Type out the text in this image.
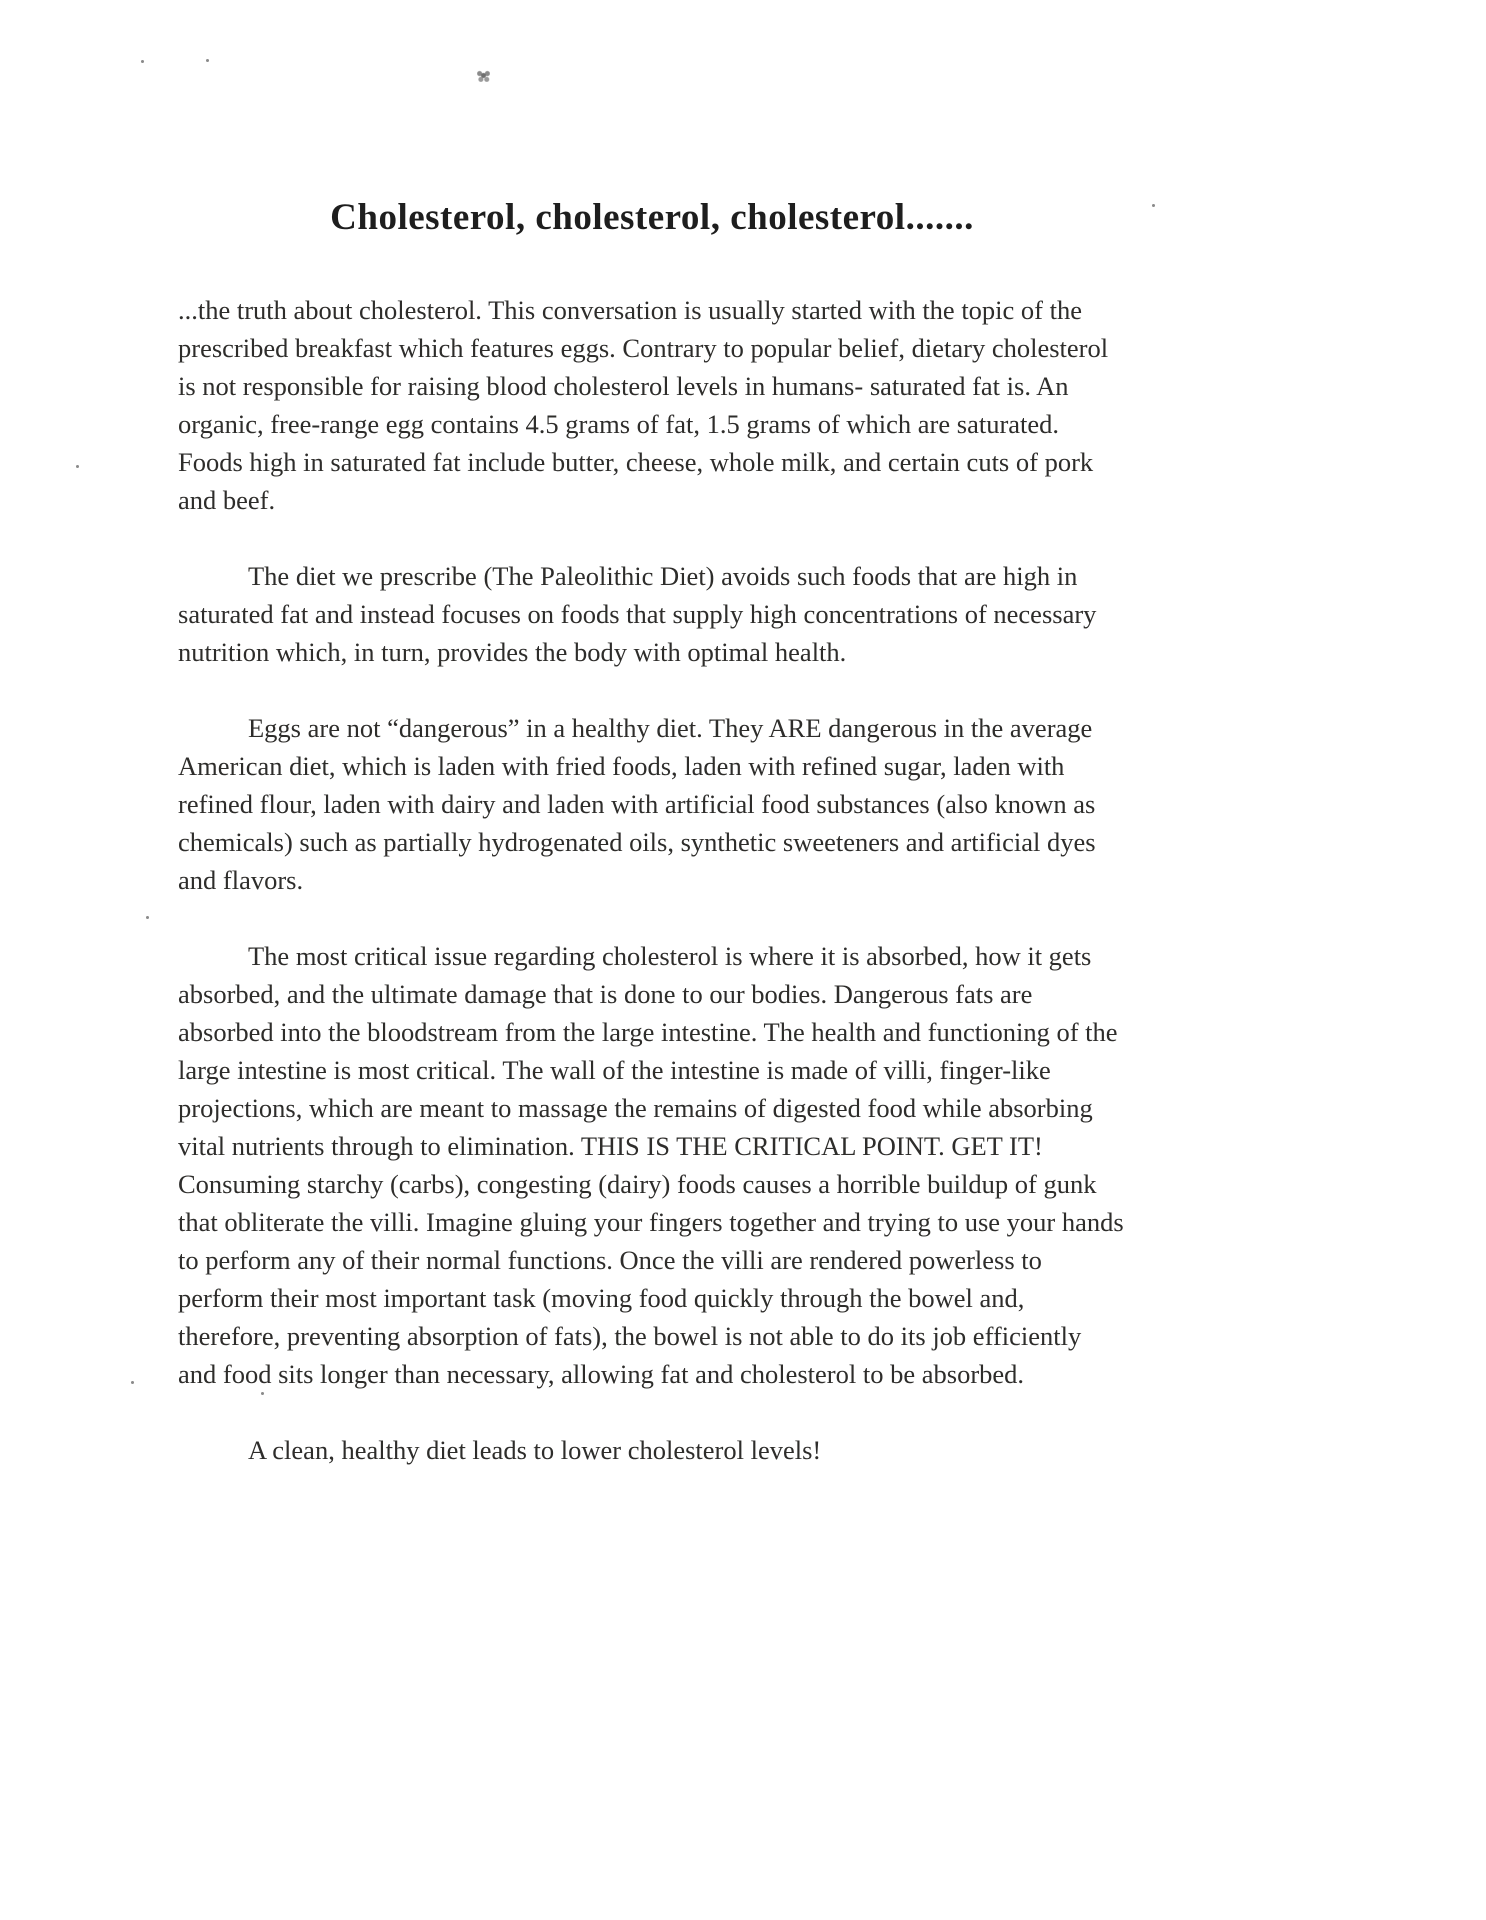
Cholesterol, cholesterol, cholesterol.......

...the truth about cholesterol. This conversation is usually started with the topic of the prescribed breakfast which features eggs. Contrary to popular belief, dietary cholesterol is not responsible for raising blood cholesterol levels in humans- saturated fat is. An organic, free-range egg contains 4.5 grams of fat, 1.5 grams of which are saturated. Foods high in saturated fat include butter, cheese, whole milk, and certain cuts of pork and beef.

The diet we prescribe (The Paleolithic Diet) avoids such foods that are high in saturated fat and instead focuses on foods that supply high concentrations of necessary nutrition which, in turn, provides the body with optimal health.

Eggs are not “dangerous” in a healthy diet. They ARE dangerous in the average American diet, which is laden with fried foods, laden with refined sugar, laden with refined flour, laden with dairy and laden with artificial food substances (also known as chemicals) such as partially hydrogenated oils, synthetic sweeteners and artificial dyes and flavors.

The most critical issue regarding cholesterol is where it is absorbed, how it gets absorbed, and the ultimate damage that is done to our bodies. Dangerous fats are absorbed into the bloodstream from the large intestine. The health and functioning of the large intestine is most critical. The wall of the intestine is made of villi, finger-like projections, which are meant to massage the remains of digested food while absorbing vital nutrients through to elimination. THIS IS THE CRITICAL POINT. GET IT! Consuming starchy (carbs), congesting (dairy) foods causes a horrible buildup of gunk that obliterate the villi. Imagine gluing your fingers together and trying to use your hands to perform any of their normal functions. Once the villi are rendered powerless to perform their most important task (moving food quickly through the bowel and, therefore, preventing absorption of fats), the bowel is not able to do its job efficiently and food sits longer than necessary, allowing fat and cholesterol to be absorbed.

A clean, healthy diet leads to lower cholesterol levels!
